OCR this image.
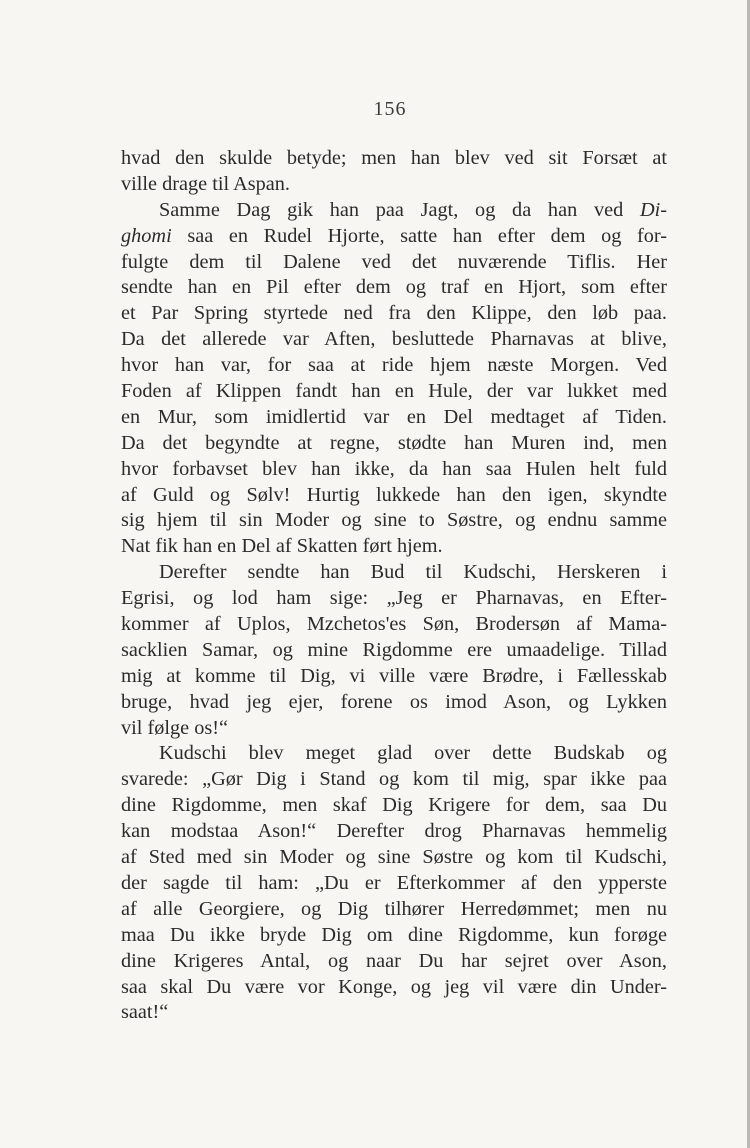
156
hvad den skulde betyde; men han blev ved sit Forsæt at
ville drage til Aspan.
Samme Dag gik han paa Jagt, og da han ved Di-
ghomi saa en Rudel Hjorte, satte han efter dem og for-
fulgte dem til Dalene ved det nuværende Tiflis. Her
sendte han en Pil efter dem og traf en Hjort, som efter
et Par Spring styrtede ned fra den Klippe, den løb paa.
Da det allerede var Aften, besluttede Pharnavas at blive,
hvor han var, for saa at ride hjem næste Morgen. Ved
Foden af Klippen fandt han en Hule, der var lukket med
en Mur, som imidlertid var en Del medtaget af Tiden.
Da det begyndte at regne, stødte han Muren ind, men
hvor forbavset blev han ikke, da han saa Hulen helt fuld
af Guld og Sølv! Hurtig lukkede han den igen, skyndte
sig hjem til sin Moder og sine to Søstre, og endnu samme
Nat fik han en Del af Skatten ført hjem.
Derefter sendte han Bud til Kudschi, Herskeren i
Egrisi, og lod ham sige: „Jeg er Pharnavas, en Efter-
kommer af Uplos, Mzchetos'es Søn, Brodersøn af Mama-
sacklien Samar, og mine Rigdomme ere umaadelige. Tillad
mig at komme til Dig, vi ville være Brødre, i Fællesskab
bruge, hvad jeg ejer, forene os imod Ason, og Lykken
vil følge os!“
Kudschi blev meget glad over dette Budskab og
svarede: „Gør Dig i Stand og kom til mig, spar ikke paa
dine Rigdomme, men skaf Dig Krigere for dem, saa Du
kan modstaa Ason!“ Derefter drog Pharnavas hemmelig
af Sted med sin Moder og sine Søstre og kom til Kudschi,
der sagde til ham: „Du er Efterkommer af den ypperste
af alle Georgiere, og Dig tilhører Herredømmet; men nu
maa Du ikke bryde Dig om dine Rigdomme, kun forøge
dine Krigeres Antal, og naar Du har sejret over Ason,
saa skal Du være vor Konge, og jeg vil være din Under-
saat!“
